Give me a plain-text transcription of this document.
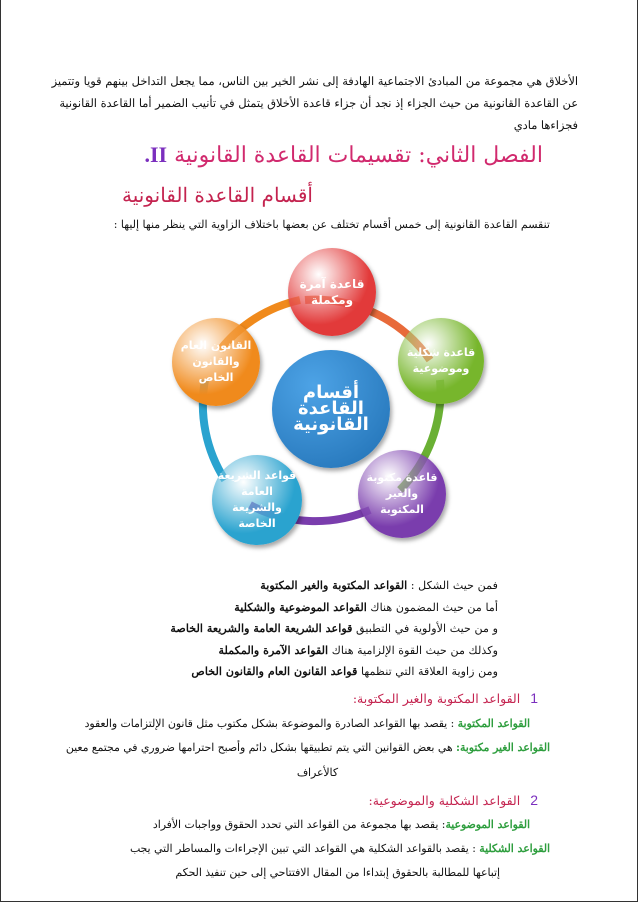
الأخلاق هي مجموعة من المبادئ الاجتماعية الهادفة إلى نشر الخير بين الناس، مما يجعل التداخل بينهم قويا وتتميز
عن القاعدة القانونية من حيث الجزاء إذ نجد أن جزاء قاعدة الأخلاق يتمثل في تأنيب الضمير أما القاعدة القانونية
فجزاءها مادي
الفصل الثاني: تقسيمات القاعدة القانونية II.
أقسام القاعدة القانونية
تنقسم القاعدة القانونية إلى خمس أقسام تختلف عن بعضها باختلاف الزاوية التي ينظر منها إليها :
أقسام
القاعدة
القانونية
قاعدة آمرة
ومكملة
قاعدة شكلية
وموضوعية
قاعدة مكتوبة
والغير
المكتوبة
قواعد الشريعة
العامة
والشريعة
الخاصة
القانون العام
والقانون
الخاص
فمن حيث الشكل : القواعد المكتوبة والغير المكتوبة
أما من حيث المضمون هناك القواعد الموضوعية والشكلية
و من حيث الأولوية في التطبيق قواعد الشريعة العامة والشريعة الخاصة
وكذلك من حيث القوة الإلزامية هناك القواعد الآمرة والمكملة
ومن زاوية العلاقة التي تنظمها قواعد القانون العام والقانون الخاص
1القواعد المكتوبة والغير المكتوبة:
القواعد المكتوبة : يقصد بها القواعد الصادرة والموضوعة بشكل مكتوب مثل قانون الإلتزامات والعقود
القواعد الغير مكتوبة: هي بعض القوانين التي يتم تطبيقها بشكل دائم وأصبح احترامها ضروري في مجتمع معين
كالأعراف
2القواعد الشكلية والموضوعية:
القواعد الموضوعية: يقصد بها مجموعة من القواعد التي تحدد الحقوق وواجبات الأفراد
القواعد الشكلية : يقصد بالقواعد الشكلية هي القواعد التي تبين الإجراءات والمساطر التي يجب
إتباعها للمطالبة بالحقوق إبتداءا من المقال الافتتاحي إلى حين تنفيذ الحكم
